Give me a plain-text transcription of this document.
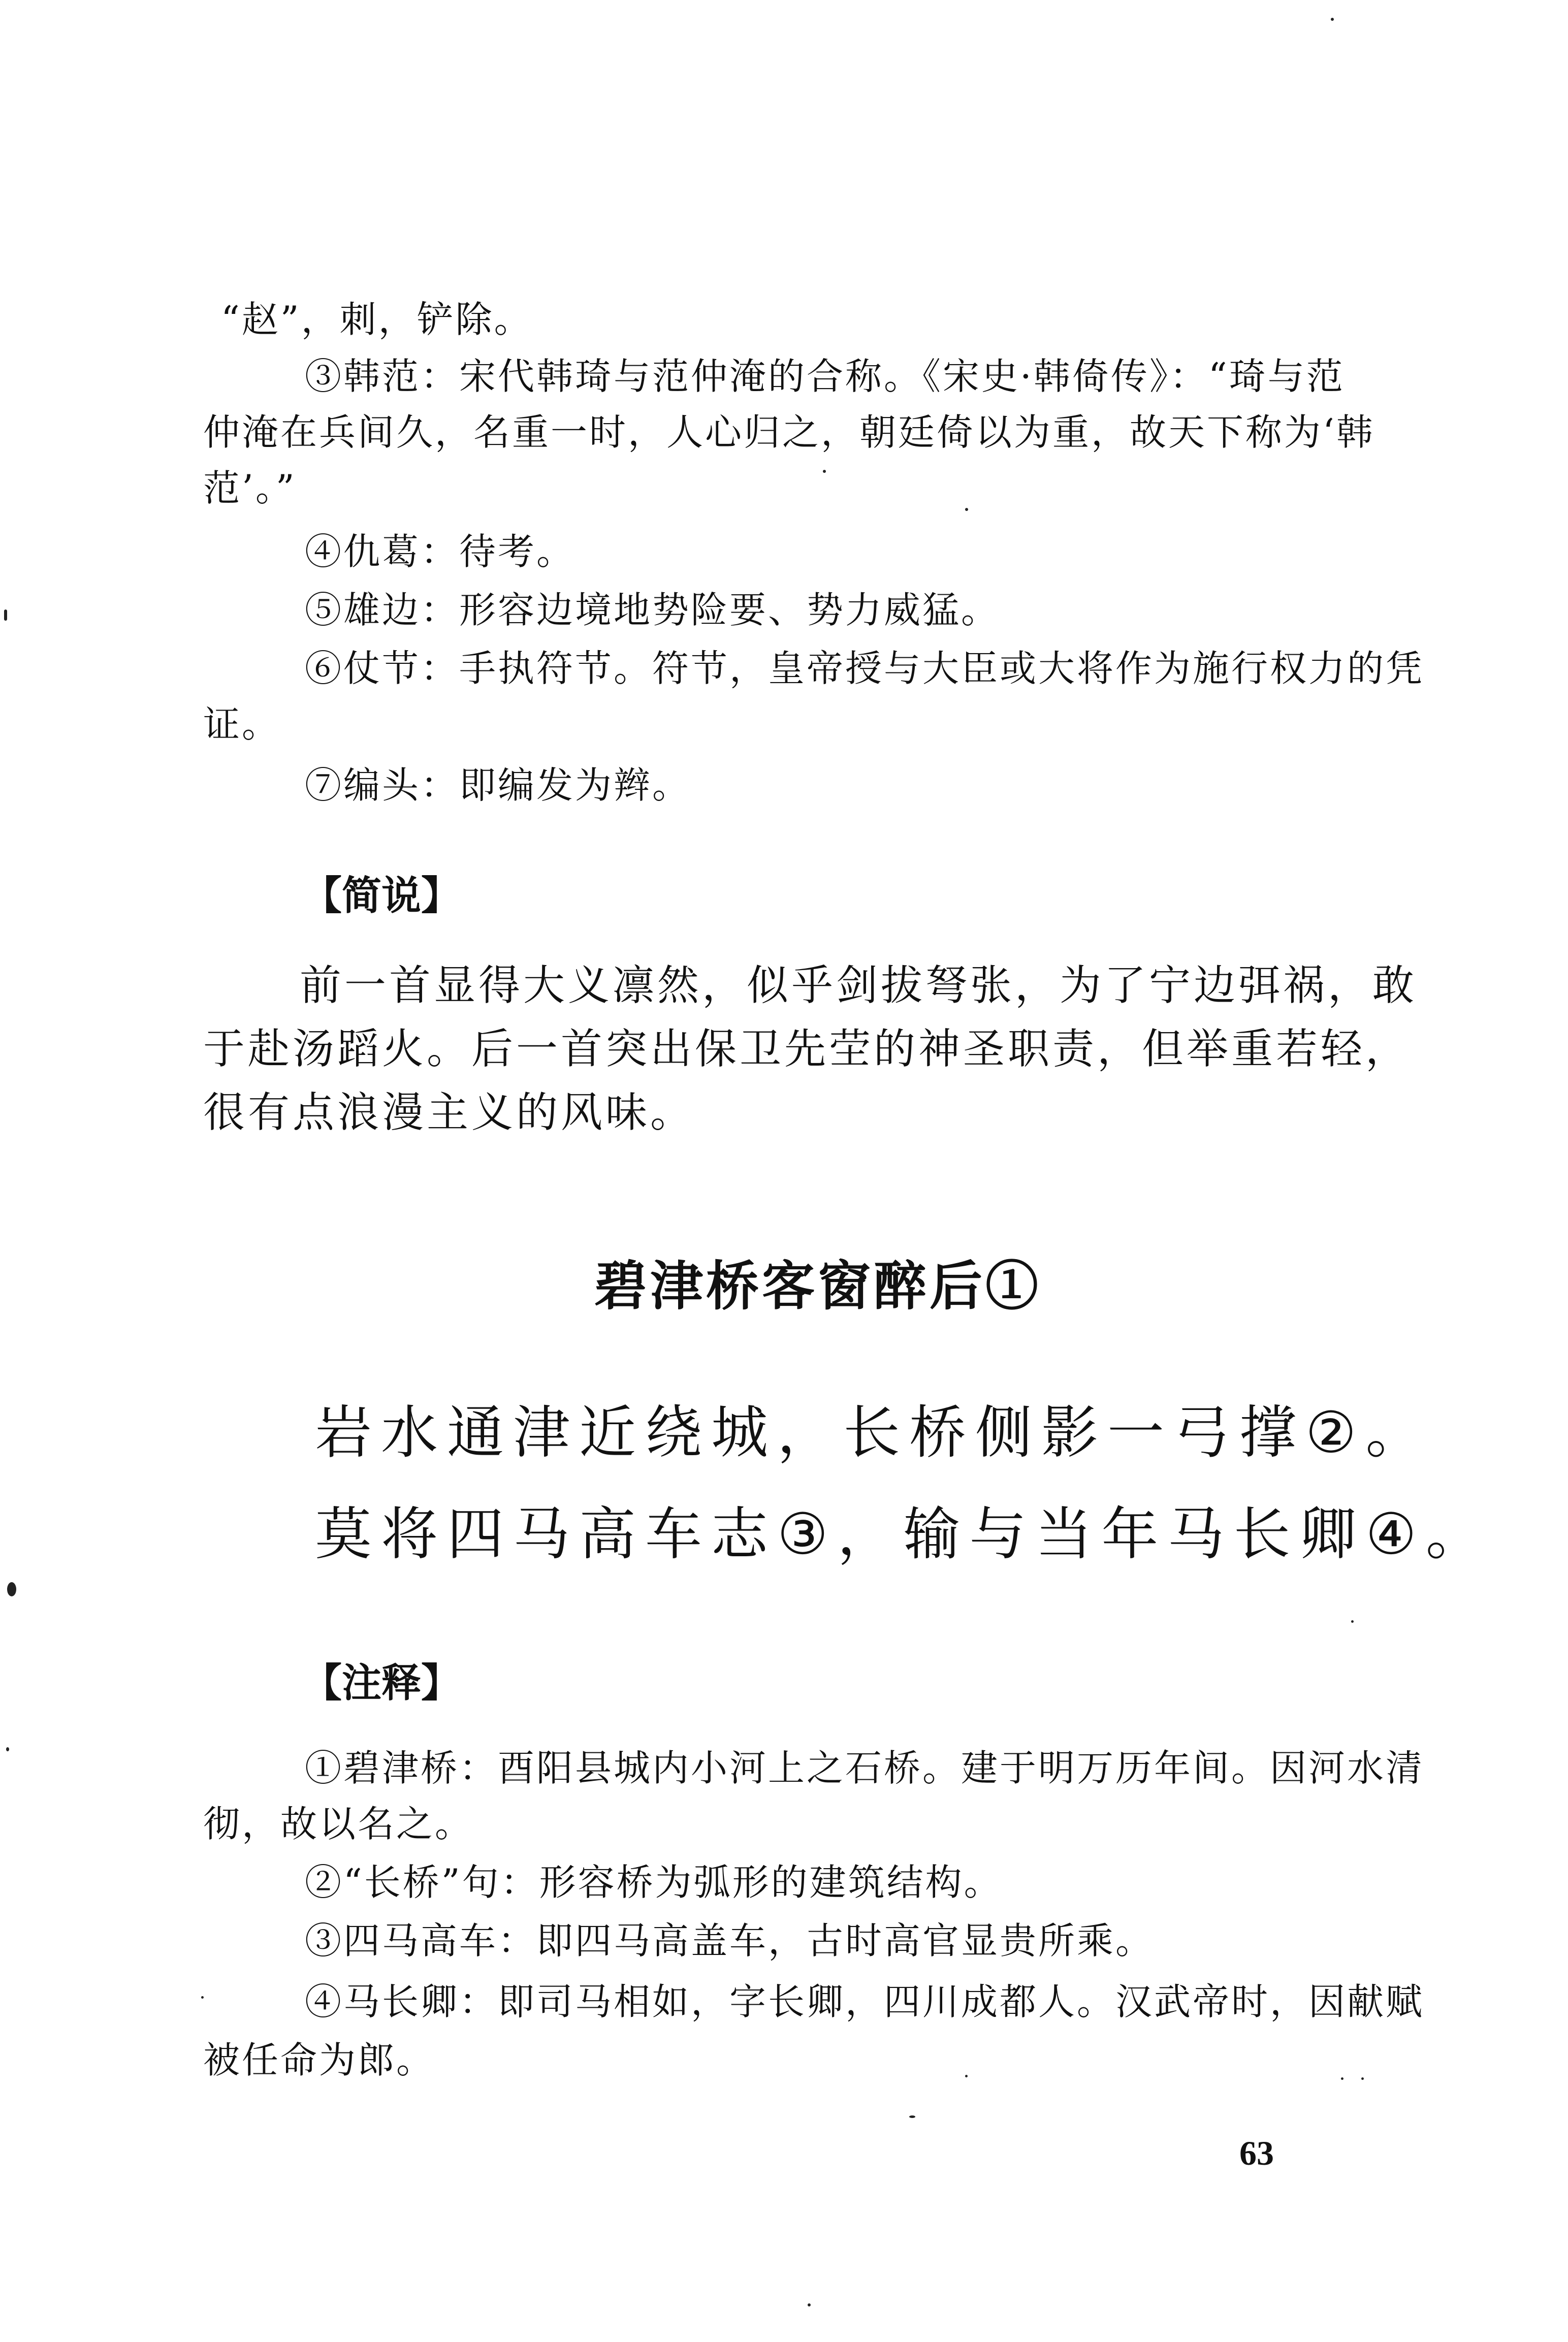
“赵”，刺，铲除。

③韩范：宋代韩琦与范仲淹的合称。《宋史·韩倚传》：“琦与范

仲淹在兵间久，名重一时，人心归之，朝廷倚以为重，故天下称为‘韩

范’。”

④仇葛：待考。

⑤雄边：形容边境地势险要、势力威猛。

⑥仗节：手执符节。符节，皇帝授与大臣或大将作为施行权力的凭

证。

⑦编头：即编发为辫。

【简说】

前一首显得大义凛然，似乎剑拔弩张，为了宁边弭祸，敢

于赴汤蹈火。后一首突出保卫先茔的神圣职责，但举重若轻，

很有点浪漫主义的风味。

碧津桥客窗醉后①

岩水通津近绕城，长桥侧影一弓撑②。

莫将四马高车志③，输与当年马长卿④。

【注释】

①碧津桥：酉阳县城内小河上之石桥。建于明万历年间。因河水清

彻，故以名之。

②“长桥”句：形容桥为弧形的建筑结构。

③四马高车：即四马高盖车，古时高官显贵所乘。

④马长卿：即司马相如，字长卿，四川成都人。汉武帝时，因献赋

被任命为郎。

63
